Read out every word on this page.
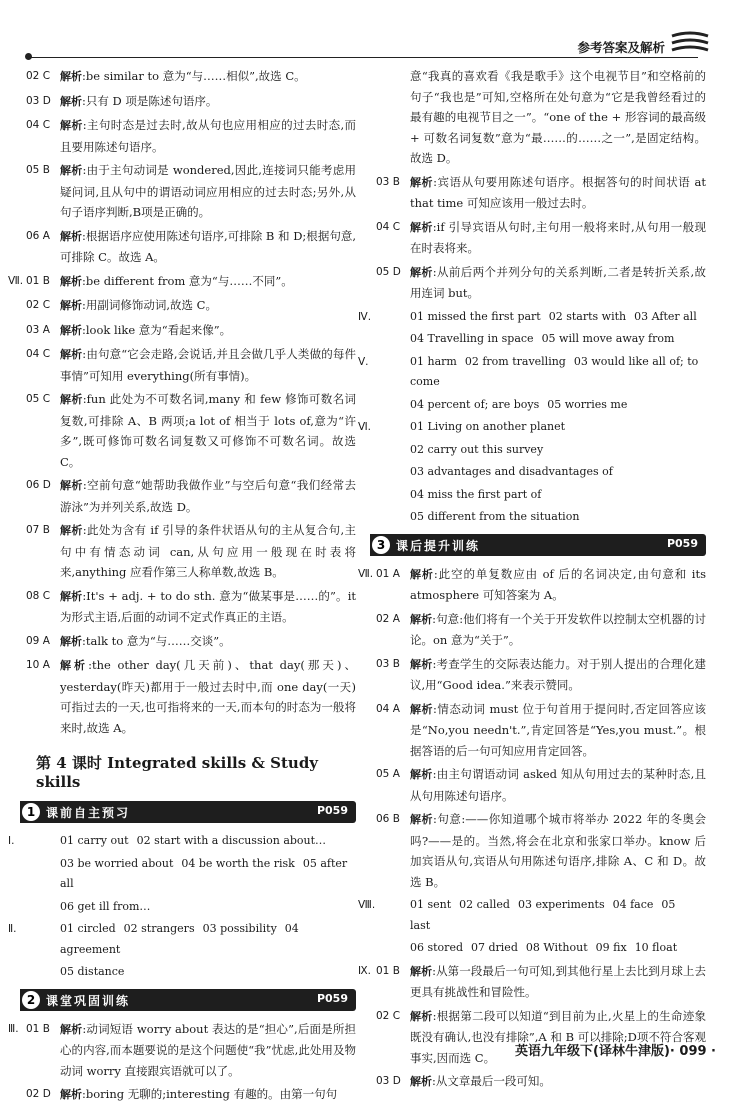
参考答案及解析
02 C 解析:be similar to 意为“与……相似”,故选 C。
03 D 解析:只有 D 项是陈述句语序。
04 C 解析:主句时态是过去时,故从句也应用相应的过去时态,而且要用陈述句语序。
05 B 解析:由于主句动词是 wondered,因此,连接词只能考虑用疑问词,且从句中的谓语动词应用相应的过去时态;另外,从句子语序判断,B项是正确的。
06 A 解析:根据语序应使用陈述句语序,可排除 B 和 D;根据句意,可排除 C。故选 A。
Ⅶ. 01 B 解析:be different from 意为“与……不同”。
02 C 解析:用副词修饰动词,故选 C。
03 A 解析:look like 意为“看起来像”。
04 C 解析:由句意“它会走路,会说话,并且会做几乎人类做的每件事情”可知用 everything(所有事情)。
05 C 解析:fun 此处为不可数名词,many 和 few 修饰可数名词复数,可排除 A、B 两项;a lot of 相当于 lots of,意为“许多”,既可修饰可数名词复数又可修饰不可数名词。故选 C。
06 D 解析:空前句意“她帮助我做作业”与空后句意“我们经常去游泳”为并列关系,故选 D。
07 B 解析:此处为含有 if 引导的条件状语从句的主从复合句,主句中有情态动词 can,从句应用一般现在时表将来,anything 应看作第三人称单数,故选 B。
08 C 解析:It's + adj. + to do sth. 意为“做某事是……的”。it 为形式主语,后面的动词不定式作真正的主语。
09 A 解析:talk to 意为“与……交谈”。
10 A 解析:the other day(几天前)、that day(那天)、yesterday(昨天)都用于一般过去时中,而 one day(一天)可指过去的一天,也可指将来的一天,而本句的时态为一般将来时,故选 A。
第 4 课时 Integrated skills & Study skills
1 课前自主预习	P059
Ⅰ.	01 carry out 02 start with a discussion about…
03 be worried about 04 be worth the risk 05 after all
06 get ill from…
Ⅱ.	01 circled 02 strangers 03 possibility 04 agreement
05 distance
2 课堂巩固训练	P059
Ⅲ. 01 B 解析:动词短语 worry about 表达的是“担心”,后面是所担心的内容,而本题要说的是这个问题使“我”忧虑,此处用及物动词 worry 直接跟宾语就可以了。
02 D 解析:boring 无聊的;interesting 有趣的。由第一句句
意“我真的喜欢看《我是歌手》这个电视节目”和空格前的句子“我也是”可知,空格所在处句意为“它是我曾经看过的最有趣的电视节目之一”。“one of the + 形容词的最高级 + 可数名词复数”意为“最……的……之一”,是固定结构。故选 D。
03 B 解析:宾语从句要用陈述句语序。根据答句的时间状语 at that time 可知应该用一般过去时。
04 C 解析:if 引导宾语从句时,主句用一般将来时,从句用一般现在时表将来。
05 D 解析:从前后两个并列分句的关系判断,二者是转折关系,故用连词 but。
Ⅳ.	01 missed the first part 02 starts with 03 After all
04 Travelling in space 05 will move away from
Ⅴ.	01 harm 02 from travelling 03 would like all of; to come
04 percent of; are boys 05 worries me
Ⅵ.	01 Living on another planet
02 carry out this survey
03 advantages and disadvantages of
04 miss the first part of
05 different from the situation
3 课后提升训练	P059
Ⅶ. 01 A 解析:此空的单复数应由 of 后的名词决定,由句意和 its atmosphere 可知答案为 A。
02 A 解析:句意:他们将有一个关于开发软件以控制太空机器的讨论。on 意为“关于”。
03 B 解析:考查学生的交际表达能力。对于别人提出的合理化建议,用“Good idea.”来表示赞同。
04 A 解析:情态动词 must 位于句首用于提问时,否定回答应该是“No,you needn't.”,肯定回答是“Yes,you must.”。根据答语的后一句可知应用肯定回答。
05 A 解析:由主句谓语动词 asked 知从句用过去的某种时态,且从句用陈述句语序。
06 B 解析:句意:——你知道哪个城市将举办 2022 年的冬奥会吗?——是的。当然,将会在北京和张家口举办。know 后加宾语从句,宾语从句用陈述句语序,排除 A、C 和 D。故选 B。
Ⅷ.	01 sent 02 called 03 experiments 04 face 05 last
06 stored 07 dried 08 Without 09 fix 10 float
Ⅸ. 01 B 解析:从第一段最后一句可知,到其他行星上去比到月球上去更具有挑战性和冒险性。
02 C 解析:根据第二段可以知道“到目前为止,火星上的生命迹象既没有确认,也没有排除”,A 和 B 可以排除;D项不符合客观事实,因而选 C。
03 D 解析:从文章最后一段可知。
英语九年级下(译林牛津版)· 099 ·
